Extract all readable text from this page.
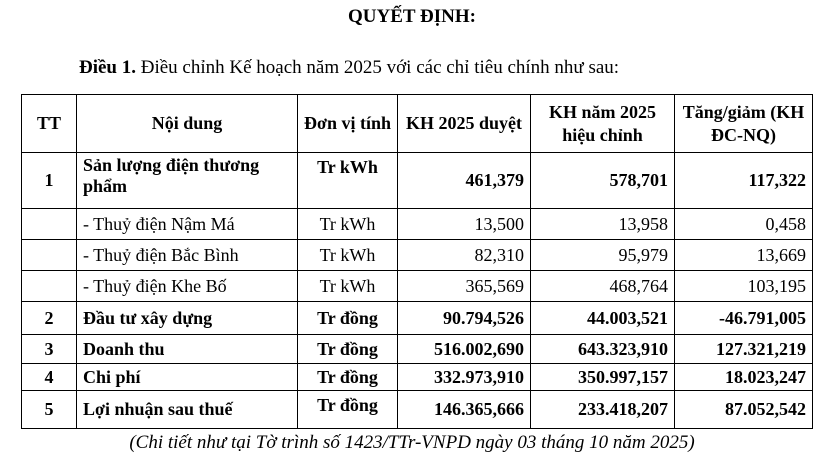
QUYẾT ĐỊNH:
Điều 1. Điều chỉnh Kế hoạch năm 2025 với các chỉ tiêu chính như sau:
TT	Nội dung	Đơn vị tính	KH 2025 duyệt	KH năm 2025 hiệu chỉnh	Tăng/giảm (KH ĐC-NQ)
1	Sản lượng điện thương phẩm	Tr kWh	461,379	578,701	117,322
	- Thuỷ điện Nậm Má	Tr kWh	13,500	13,958	0,458
	- Thuỷ điện Bắc Bình	Tr kWh	82,310	95,979	13,669
	- Thuỷ điện Khe Bố	Tr kWh	365,569	468,764	103,195
2	Đầu tư xây dựng	Tr đồng	90.794,526	44.003,521	-46.791,005
3	Doanh thu	Tr đồng	516.002,690	643.323,910	127.321,219
4	Chi phí	Tr đồng	332.973,910	350.997,157	18.023,247
5	Lợi nhuận sau thuế	Tr đồng	146.365,666	233.418,207	87.052,542
(Chi tiết như tại Tờ trình số 1423/TTr-VNPD ngày 03 tháng 10 năm 2025)
